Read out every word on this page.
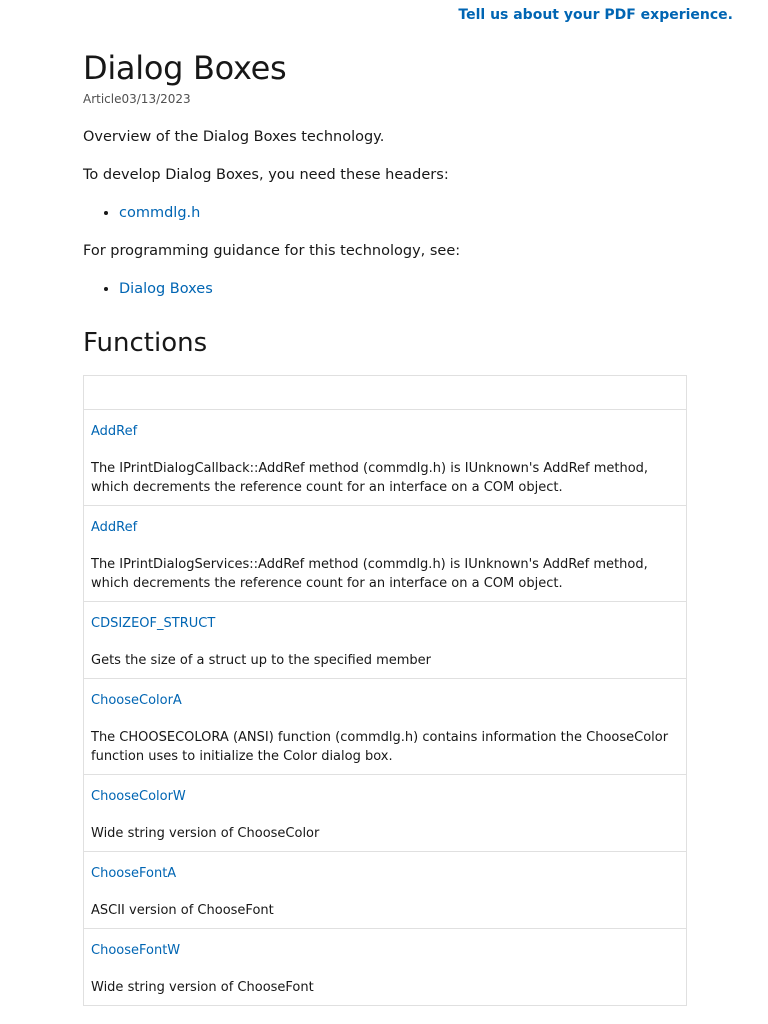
Tell us about your PDF experience.
Dialog Boxes
Article03/13/2023

Overview of the Dialog Boxes technology.

To develop Dialog Boxes, you need these headers:

• commdlg.h

For programming guidance for this technology, see:

• Dialog Boxes
Functions
AddRef
The IPrintDialogCallback::AddRef method (commdlg.h) is IUnknown's AddRef method, which decrements the reference count for an interface on a COM object.
AddRef
The IPrintDialogServices::AddRef method (commdlg.h) is IUnknown's AddRef method, which decrements the reference count for an interface on a COM object.
CDSIZEOF_STRUCT
Gets the size of a struct up to the specified member
ChooseColorA
The CHOOSECOLORA (ANSI) function (commdlg.h) contains information the ChooseColor function uses to initialize the Color dialog box.
ChooseColorW
Wide string version of ChooseColor
ChooseFontA
ASCII version of ChooseFont
ChooseFontW
Wide string version of ChooseFont
